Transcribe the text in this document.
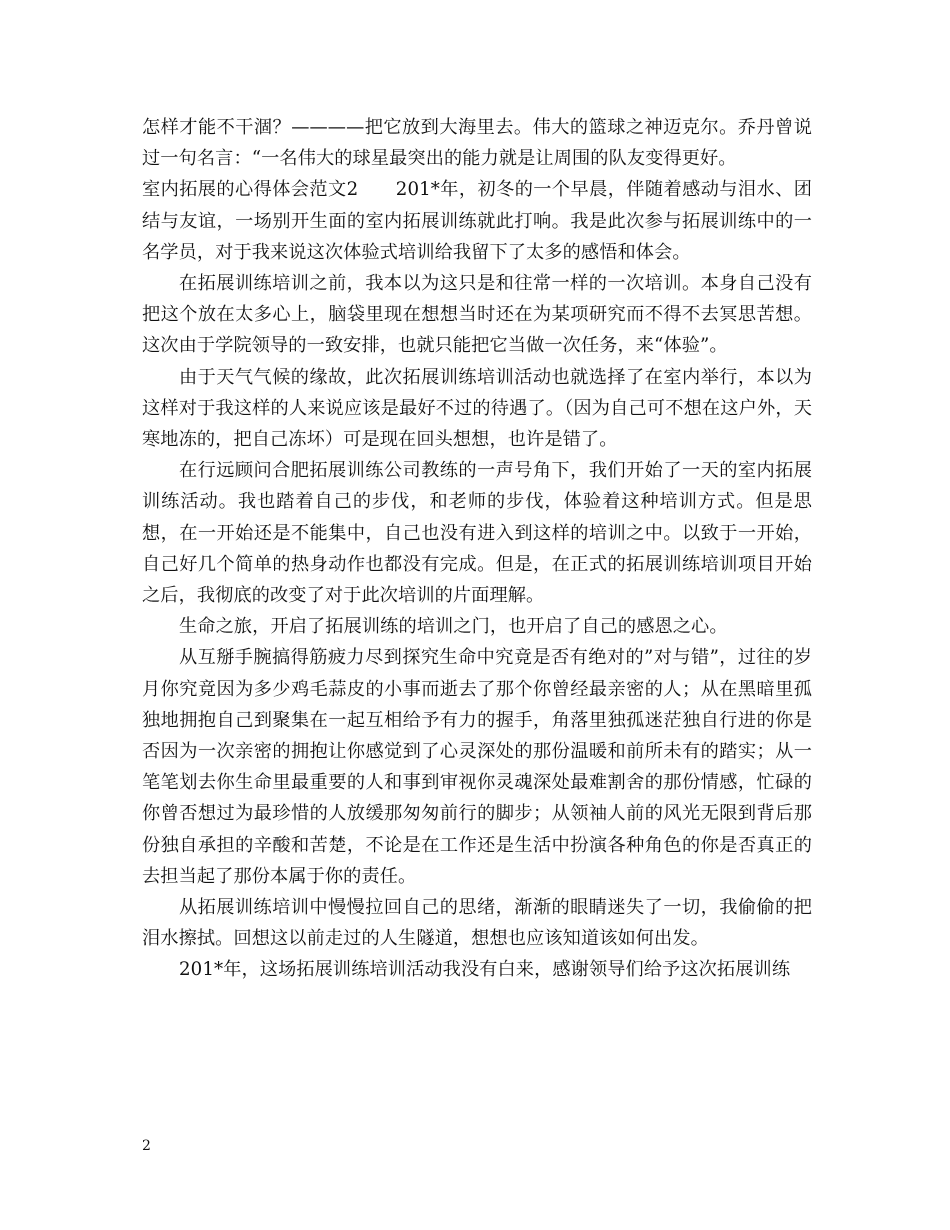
怎样才能不干涸？————把它放到大海里去。伟大的篮球之神迈克尔。乔丹曾说过一句名言：“一名伟大的球星最突出的能力就是让周围的队友变得更好。

室内拓展的心得体会范文2　　201*年，初冬的一个早晨，伴随着感动与泪水、团结与友谊，一场别开生面的室内拓展训练就此打响。我是此次参与拓展训练中的一名学员，对于我来说这次体验式培训给我留下了太多的感悟和体会。

在拓展训练培训之前，我本以为这只是和往常一样的一次培训。本身自己没有把这个放在太多心上，脑袋里现在想想当时还在为某项研究而不得不去冥思苦想。这次由于学院领导的一致安排，也就只能把它当做一次任务，来“体验”。

由于天气气候的缘故，此次拓展训练培训活动也就选择了在室内举行，本以为这样对于我这样的人来说应该是最好不过的待遇了。（因为自己可不想在这户外，天寒地冻的，把自己冻坏）可是现在回头想想，也许是错了。

在行远顾问合肥拓展训练公司教练的一声号角下，我们开始了一天的室内拓展训练活动。我也踏着自己的步伐，和老师的步伐，体验着这种培训方式。但是思想，在一开始还是不能集中，自己也没有进入到这样的培训之中。以致于一开始，自己好几个简单的热身动作也都没有完成。但是，在正式的拓展训练培训项目开始之后，我彻底的改变了对于此次培训的片面理解。

生命之旅，开启了拓展训练的培训之门，也开启了自己的感恩之心。

从互掰手腕搞得筋疲力尽到探究生命中究竟是否有绝对的”对与错”，过往的岁月你究竟因为多少鸡毛蒜皮的小事而逝去了那个你曾经最亲密的人；从在黑暗里孤独地拥抱自己到聚集在一起互相给予有力的握手，角落里独孤迷茫独自行进的你是否因为一次亲密的拥抱让你感觉到了心灵深处的那份温暖和前所未有的踏实；从一笔笔划去你生命里最重要的人和事到审视你灵魂深处最难割舍的那份情感，忙碌的你曾否想过为最珍惜的人放缓那匆匆前行的脚步；从领袖人前的风光无限到背后那份独自承担的辛酸和苦楚，不论是在工作还是生活中扮演各种角色的你是否真正的去担当起了那份本属于你的责任。

从拓展训练培训中慢慢拉回自己的思绪，渐渐的眼睛迷失了一切，我偷偷的把泪水擦拭。回想这以前走过的人生隧道，想想也应该知道该如何出发。

201*年，这场拓展训练培训活动我没有白来，感谢领导们给予这次拓展训练

2
